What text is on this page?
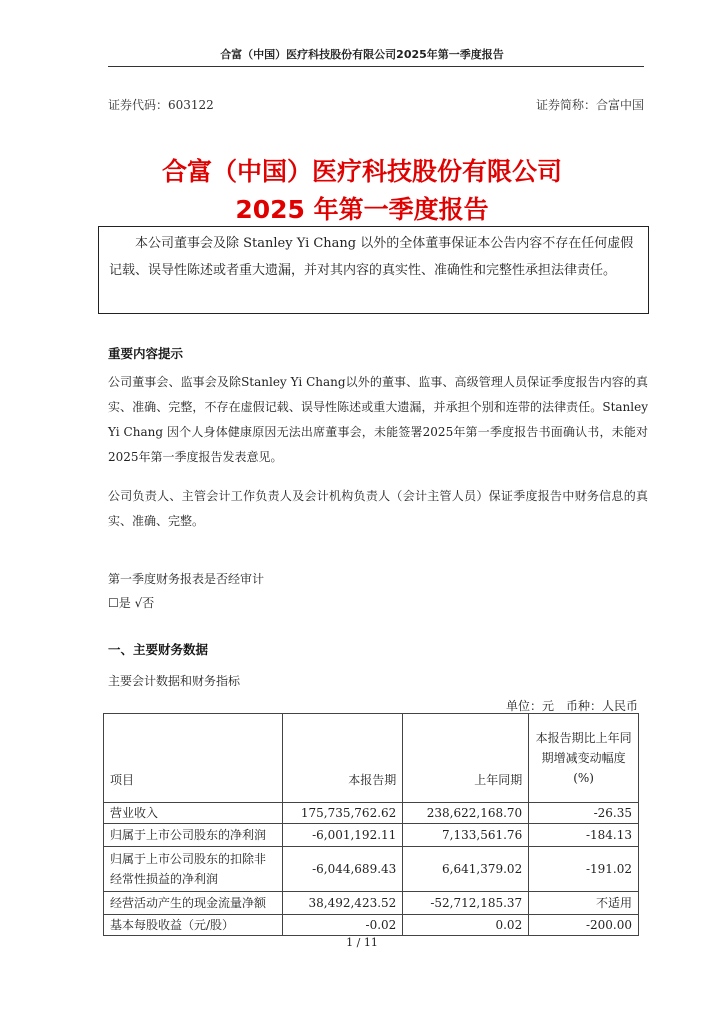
合富（中国）医疗科技股份有限公司2025年第一季度报告
证券代码：603122	证券简称：合富中国
合富（中国）医疗科技股份有限公司
2025 年第一季度报告
本公司董事会及除 Stanley Yi Chang 以外的全体董事保证本公告内容不存在任何虚假记载、误导性陈述或者重大遗漏，并对其内容的真实性、准确性和完整性承担法律责任。
重要内容提示
公司董事会、监事会及除Stanley Yi Chang以外的董事、监事、高级管理人员保证季度报告内容的真实、准确、完整，不存在虚假记载、误导性陈述或重大遗漏，并承担个别和连带的法律责任。Stanley Yi Chang 因个人身体健康原因无法出席董事会，未能签署2025年第一季度报告书面确认书，未能对2025年第一季度报告发表意见。
公司负责人、主管会计工作负责人及会计机构负责人（会计主管人员）保证季度报告中财务信息的真实、准确、完整。
第一季度财务报表是否经审计
☐是 √否
一、主要财务数据
主要会计数据和财务指标
单位：元　币种：人民币
项目	本报告期	上年同期	本报告期比上年同期增减变动幅度(%)
营业收入	175,735,762.62	238,622,168.70	-26.35
归属于上市公司股东的净利润	-6,001,192.11	7,133,561.76	-184.13
归属于上市公司股东的扣除非经常性损益的净利润	-6,044,689.43	6,641,379.02	-191.02
经营活动产生的现金流量净额	38,492,423.52	-52,712,185.37	不适用
基本每股收益（元/股）	-0.02	0.02	-200.00
1 / 11
